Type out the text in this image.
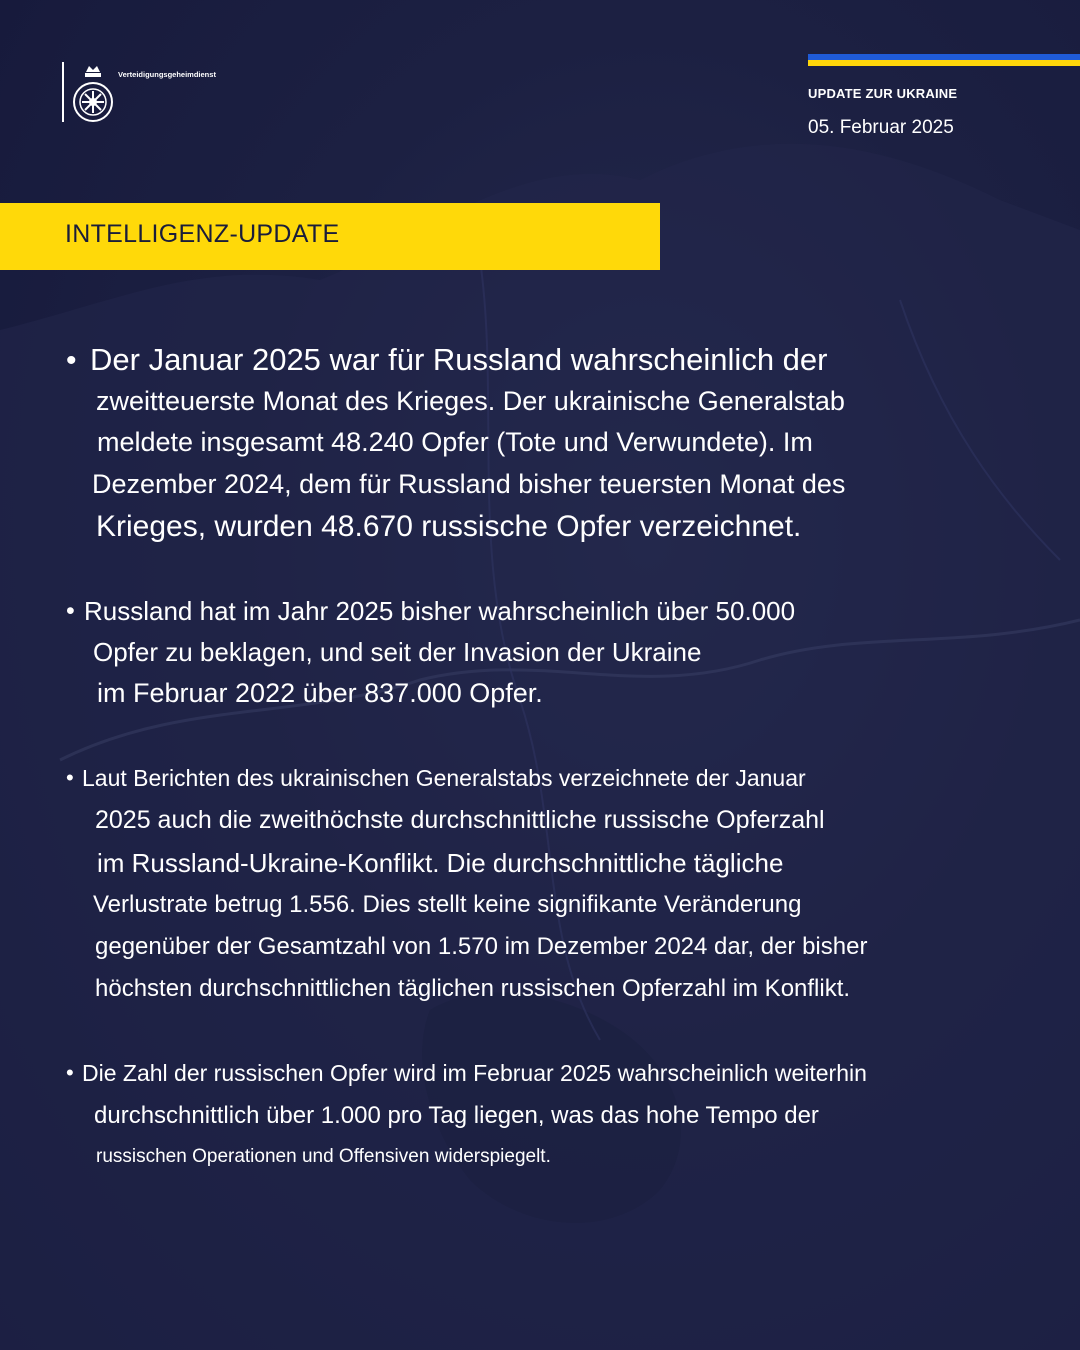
Verteidigungsgeheimdienst
UPDATE ZUR UKRAINE
05. Februar 2025
INTELLIGENZ-UPDATE
• Der Januar 2025 war für Russland wahrscheinlich der
zweitteuerste Monat des Krieges. Der ukrainische Generalstab
meldete insgesamt 48.240 Opfer (Tote und Verwundete). Im
Dezember 2024, dem für Russland bisher teuersten Monat des
Krieges, wurden 48.670 russische Opfer verzeichnet.
• Russland hat im Jahr 2025 bisher wahrscheinlich über 50.000
Opfer zu beklagen, und seit der Invasion der Ukraine
im Februar 2022 über 837.000 Opfer.
• Laut Berichten des ukrainischen Generalstabs verzeichnete der Januar
2025 auch die zweithöchste durchschnittliche russische Opferzahl
im Russland-Ukraine-Konflikt. Die durchschnittliche tägliche
Verlustrate betrug 1.556. Dies stellt keine signifikante Veränderung
gegenüber der Gesamtzahl von 1.570 im Dezember 2024 dar, der bisher
höchsten durchschnittlichen täglichen russischen Opferzahl im Konflikt.
• Die Zahl der russischen Opfer wird im Februar 2025 wahrscheinlich weiterhin
durchschnittlich über 1.000 pro Tag liegen, was das hohe Tempo der
russischen Operationen und Offensiven widerspiegelt.
